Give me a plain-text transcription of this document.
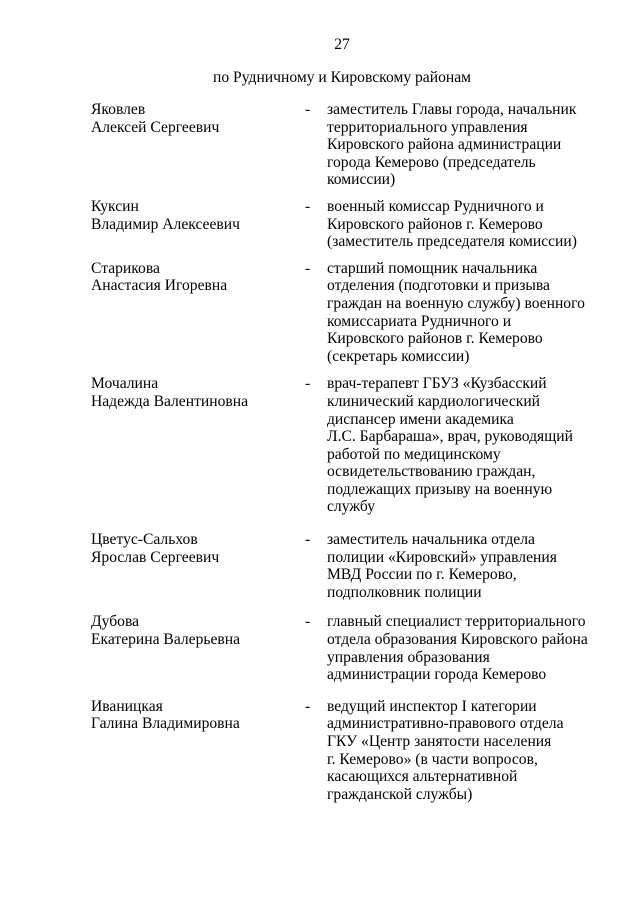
27
по Рудничному и Кировскому районам
Яковлев
Алексей Сергеевич
-	заместитель Главы города, начальник
территориального управления
Кировского района администрации
города Кемерово (председатель
комиссии)
Куксин
Владимир Алексеевич
-	военный комиссар Рудничного и
Кировского районов г. Кемерово
(заместитель председателя комиссии)
Старикова
Анастасия Игоревна
-	старший помощник начальника
отделения (подготовки и призыва
граждан на военную службу) военного
комиссариата Рудничного и
Кировского районов г. Кемерово
(секретарь комиссии)
Мочалина
Надежда Валентиновна
-	врач-терапевт ГБУЗ «Кузбасский
клинический кардиологический
диспансер имени академика
Л.С. Барбараша», врач, руководящий
работой по медицинскому
освидетельствованию граждан,
подлежащих призыву на военную
службу
Цветус-Сальхов
Ярослав Сергеевич
-	заместитель начальника отдела
полиции «Кировский» управления
МВД России по г. Кемерово,
подполковник полиции
Дубова
Екатерина Валерьевна
-	главный специалист территориального
отдела образования Кировского района
управления образования
администрации города Кемерово
Иваницкая
Галина Владимировна
-	ведущий инспектор I категории
административно-правового отдела
ГКУ «Центр занятости населения
г. Кемерово» (в части вопросов,
касающихся альтернативной
гражданской службы)
